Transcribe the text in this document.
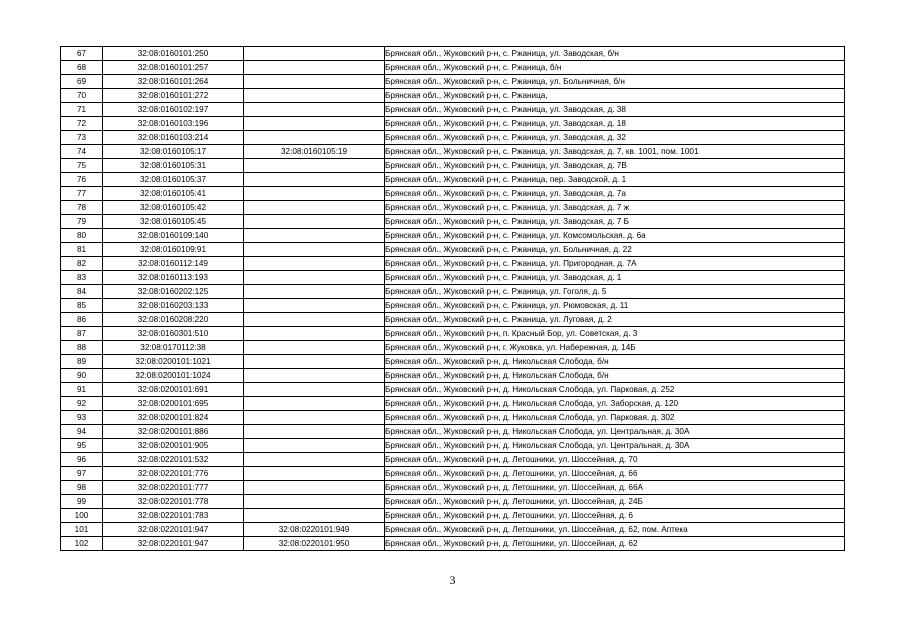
67	32:08:0160101:250		Брянская обл., Жуковский р-н, с. Ржаница, ул. Заводская, б/н
68	32:08:0160101:257		Брянская обл., Жуковский р-н, с. Ржаница, б/н
69	32:08:0160101:264		Брянская обл., Жуковский р-н, с. Ржаница, ул. Больничная, б/н
70	32:08:0160101:272		Брянская обл., Жуковский р-н, с. Ржаница,
71	32:08:0160102:197		Брянская обл., Жуковский р-н, с. Ржаница, ул. Заводская, д. 38
72	32:08:0160103:196		Брянская обл., Жуковский р-н, с. Ржаница, ул. Заводская, д. 18
73	32:08:0160103:214		Брянская обл., Жуковский р-н, с. Ржаница, ул. Заводская, д. 32
74	32:08:0160105:17	32:08:0160105:19	Брянская обл., Жуковский р-н, с. Ржаница, ул. Заводская, д. 7, кв. 1001, пом. 1001
75	32:08:0160105:31		Брянская обл., Жуковский р-н, с. Ржаница, ул. Заводская, д. 7В
76	32:08:0160105:37		Брянская обл., Жуковский р-н, с. Ржаница, пер. Заводской, д. 1
77	32:08:0160105:41		Брянская обл., Жуковский р-н, с. Ржаница, ул. Заводская, д. 7а
78	32:08:0160105:42		Брянская обл., Жуковский р-н, с. Ржаница, ул. Заводская, д. 7 ж
79	32:08:0160105:45		Брянская обл., Жуковский р-н, с. Ржаница, ул. Заводская, д. 7 Б
80	32:08:0160109:140		Брянская обл., Жуковский р-н, с. Ржаница, ул. Комсомольская, д. 6а
81	32:08:0160109:91		Брянская обл., Жуковский р-н, с. Ржаница, ул. Больничная, д. 22
82	32:08:0160112:149		Брянская обл., Жуковский р-н, с. Ржаница, ул. Пригородная, д. 7А
83	32:08:0160113:193		Брянская обл., Жуковский р-н, с. Ржаница, ул. Заводская, д. 1
84	32:08:0160202:125		Брянская обл., Жуковский р-н, с. Ржаница, ул. Гоголя, д. 5
85	32:08:0160203:133		Брянская обл., Жуковский р-н, с. Ржаница, ул. Рюмовская, д. 11
86	32:08:0160208:220		Брянская обл., Жуковский р-н, с. Ржаница, ул. Луговая, д. 2
87	32:08:0160301:510		Брянская обл., Жуковский р-н, п. Красный Бор, ул. Советская, д. 3
88	32:08:0170112:38		Брянская обл., Жуковский р-н, г. Жуковка, ул. Набережная, д. 14Б
89	32:08:0200101:1021		Брянская обл., Жуковский р-н, д. Никольская Слобода, б/н
90	32:08:0200101:1024		Брянская обл., Жуковский р-н, д. Никольская Слобода, б/н
91	32:08:0200101:691		Брянская обл., Жуковский р-н, д. Никольская Слобода, ул. Парковая, д. 252
92	32:08:0200101:695		Брянская обл., Жуковский р-н, д. Никольская Слобода, ул. Заборская, д. 120
93	32:08:0200101:824		Брянская обл., Жуковский р-н, д. Никольская Слобода, ул. Парковая, д. 302
94	32:08:0200101:886		Брянская обл., Жуковский р-н, д. Никольская Слобода, ул. Центральная, д. 30А
95	32:08:0200101:905		Брянская обл., Жуковский р-н, д. Никольская Слобода, ул. Центральная, д. 30А
96	32:08:0220101:532		Брянская обл., Жуковский р-н, д. Летошники, ул. Шоссейная, д. 70
97	32:08:0220101:776		Брянская обл., Жуковский р-н, д. Летошники, ул. Шоссейная, д. 66
98	32:08:0220101:777		Брянская обл., Жуковский р-н, д. Летошники, ул. Шоссейная, д. 66А
99	32:08:0220101:778		Брянская обл., Жуковский р-н, д. Летошники, ул. Шоссейная, д. 24Б
100	32:08:0220101:783		Брянская обл., Жуковский р-н, д. Летошники, ул. Шоссейная, д. 6
101	32:08:0220101:947	32:08:0220101:949	Брянская обл., Жуковский р-н, д. Летошники, ул. Шоссейная, д. 62, пом. Аптека
102	32:08:0220101:947	32:08:0220101:950	Брянская обл., Жуковский р-н, д. Летошники, ул. Шоссейная, д. 62
3
